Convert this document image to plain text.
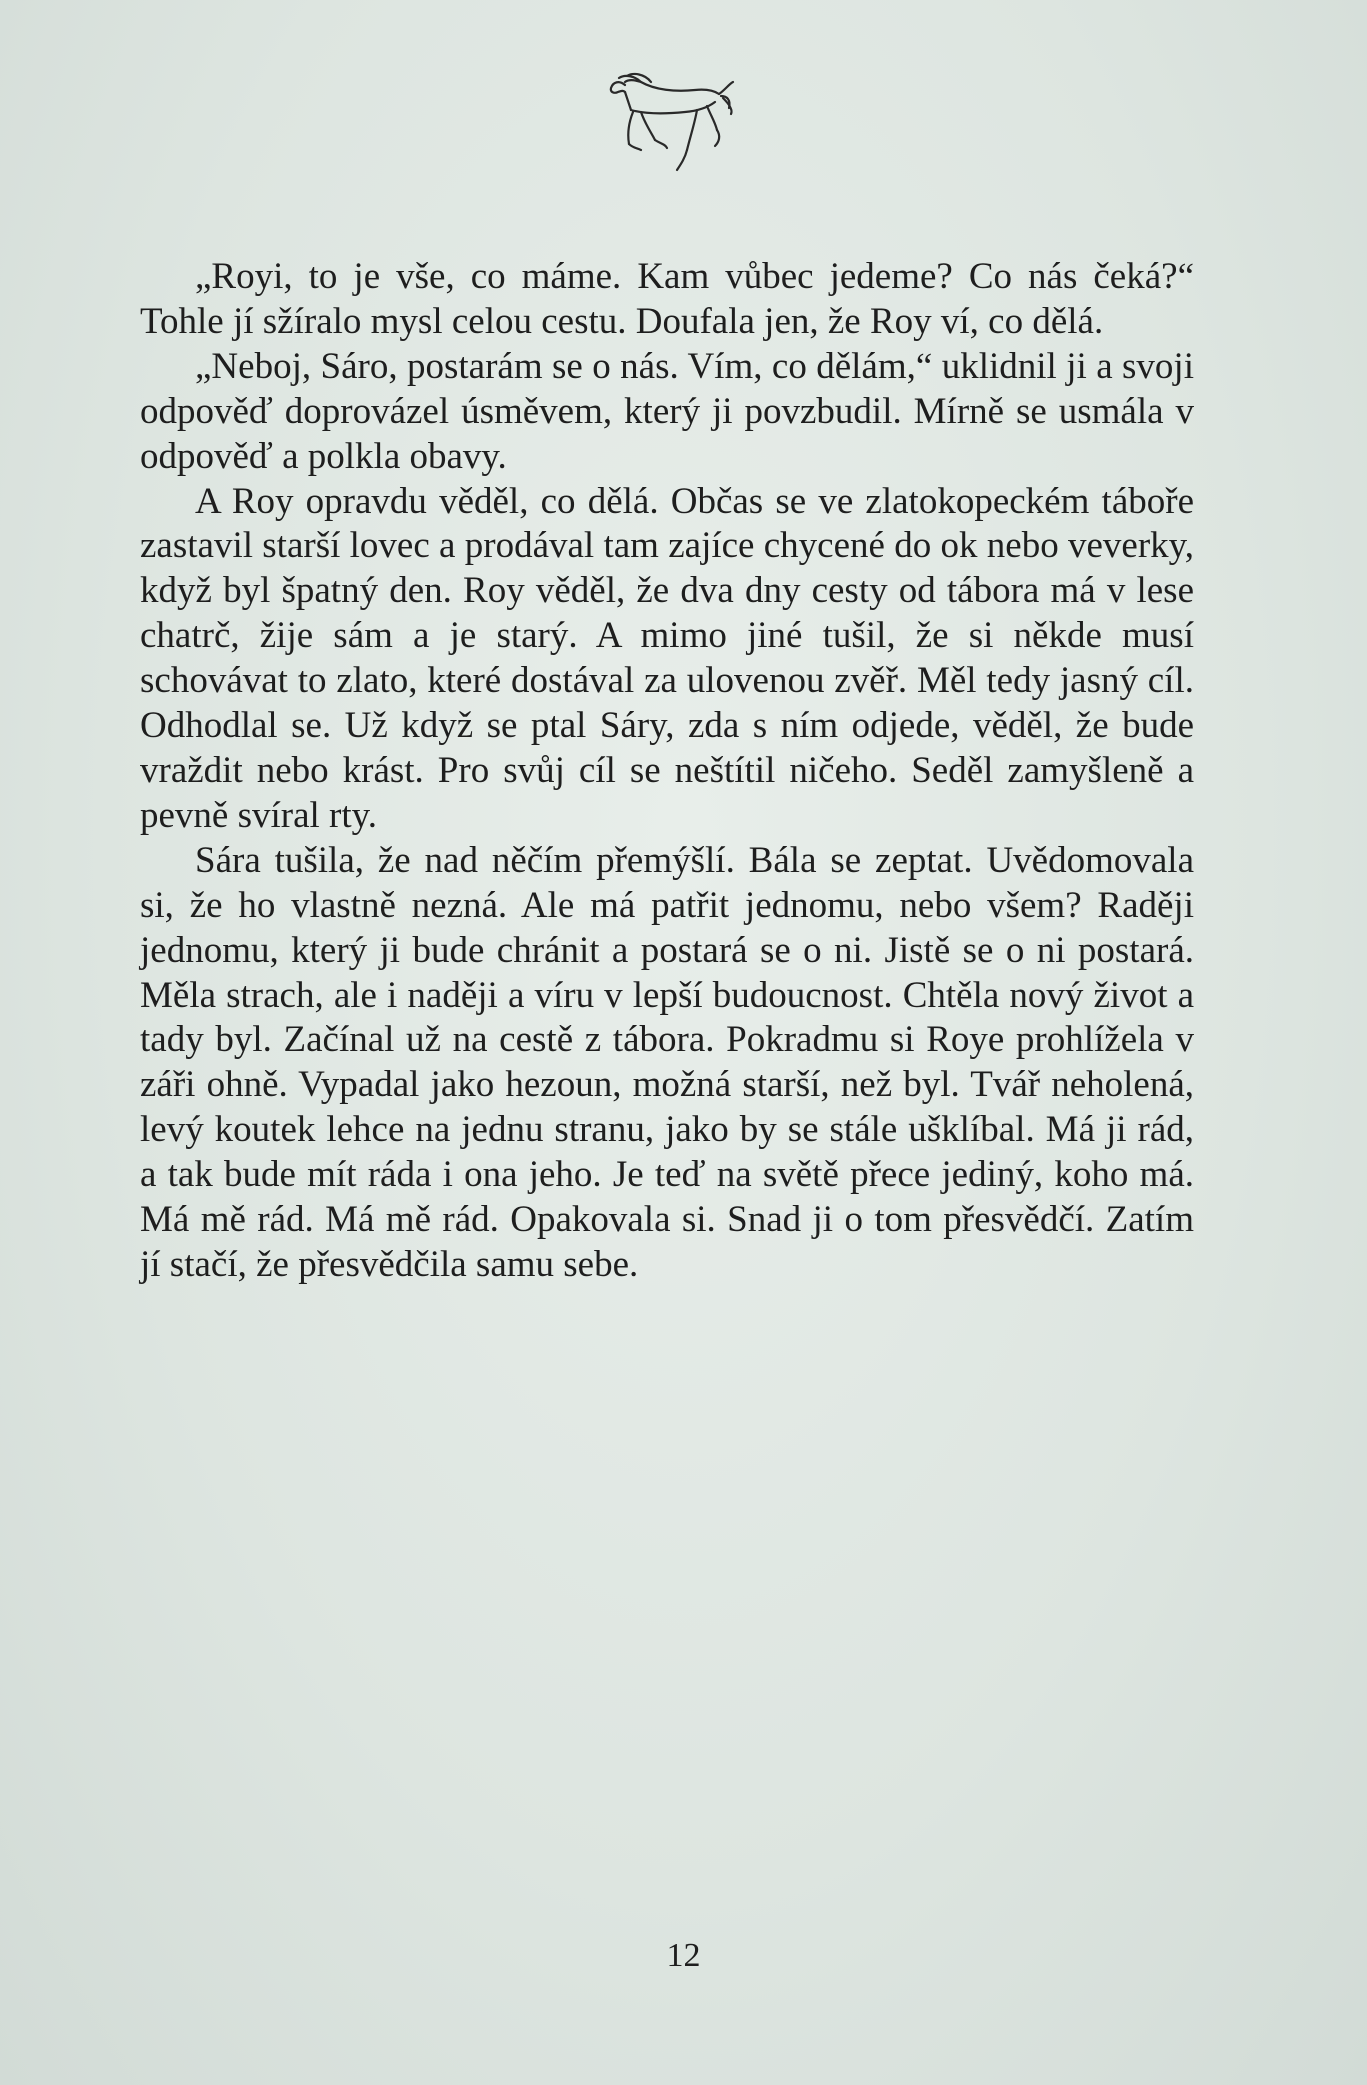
„Royi, to je vše, co máme. Kam vůbec jedeme? Co nás čeká?“ Tohle jí sžíralo mysl celou cestu. Doufala jen, že Roy ví, co dělá.

„Neboj, Sáro, postarám se o nás. Vím, co dělám,“ uklidnil ji a svoji odpověď doprovázel úsměvem, který ji povzbudil. Mírně se usmála v odpověď a polkla obavy.

A Roy opravdu věděl, co dělá. Občas se ve zlatokopeckém táboře zastavil starší lovec a prodával tam zajíce chycené do ok nebo veverky, když byl špatný den. Roy věděl, že dva dny cesty od tábora má v lese chatrč, žije sám a je starý. A mimo jiné tušil, že si někde musí schovávat to zlato, které dostával za ulovenou zvěř. Měl tedy jasný cíl. Odhodlal se. Už když se ptal Sáry, zda s ním odjede, věděl, že bude vraždit nebo krást. Pro svůj cíl se neštítil ničeho. Seděl zamyšleně a pevně svíral rty.

Sára tušila, že nad něčím přemýšlí. Bála se zeptat. Uvědomovala si, že ho vlastně nezná. Ale má patřit jednomu, nebo všem? Raději jednomu, který ji bude chránit a postará se o ni. Jistě se o ni postará. Měla strach, ale i naději a víru v lepší budoucnost. Chtěla nový život a tady byl. Začínal už na cestě z tábora. Pokradmu si Roye prohlížela v záři ohně. Vypadal jako hezoun, možná starší, než byl. Tvář neholená, levý koutek lehce na jednu stranu, jako by se stále ušklíbal. Má ji rád, a tak bude mít ráda i ona jeho. Je teď na světě přece jediný, koho má. Má mě rád. Má mě rád. Opakovala si. Snad ji o tom přesvědčí. Zatím jí stačí, že přesvědčila samu sebe.

12
